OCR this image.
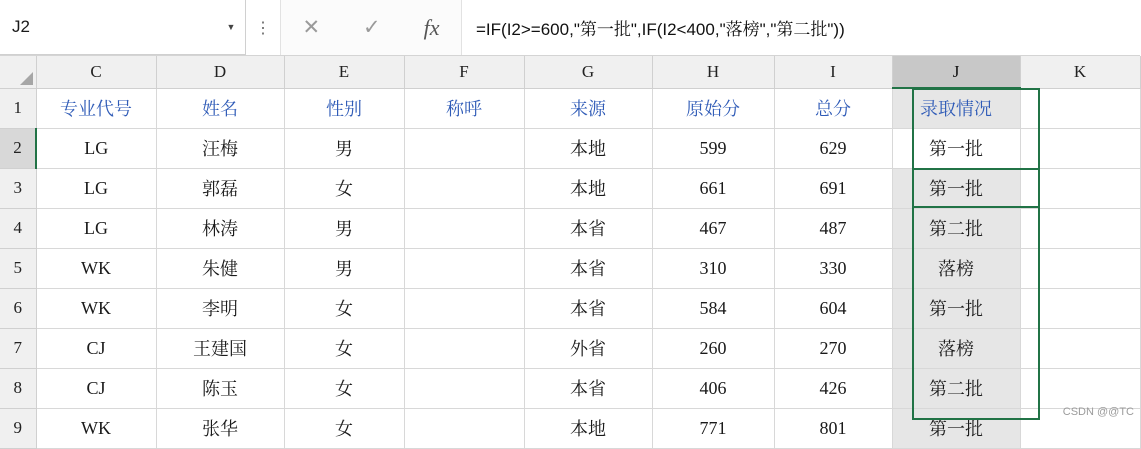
J2	▼	⋮	✕ ✓ fx	=IF(I2>=600,"第一批",IF(I2<400,"落榜","第二批"))
	C	D	E	F	G	H	I	J	K
1	专业代号	姓名	性别	称呼	来源	原始分	总分	录取情况	
2	LG	汪梅	男		本地	599	629	第一批	
3	LG	郭磊	女		本地	661	691	第一批	
4	LG	林涛	男		本省	467	487	第二批	
5	WK	朱健	男		本省	310	330	落榜	
6	WK	李明	女		本省	584	604	第一批	
7	CJ	王建国	女		外省	260	270	落榜	
8	CJ	陈玉	女		本省	406	426	第二批	
9	WK	张华	女		本地	771	801	第一批	
CSDN @@TC
